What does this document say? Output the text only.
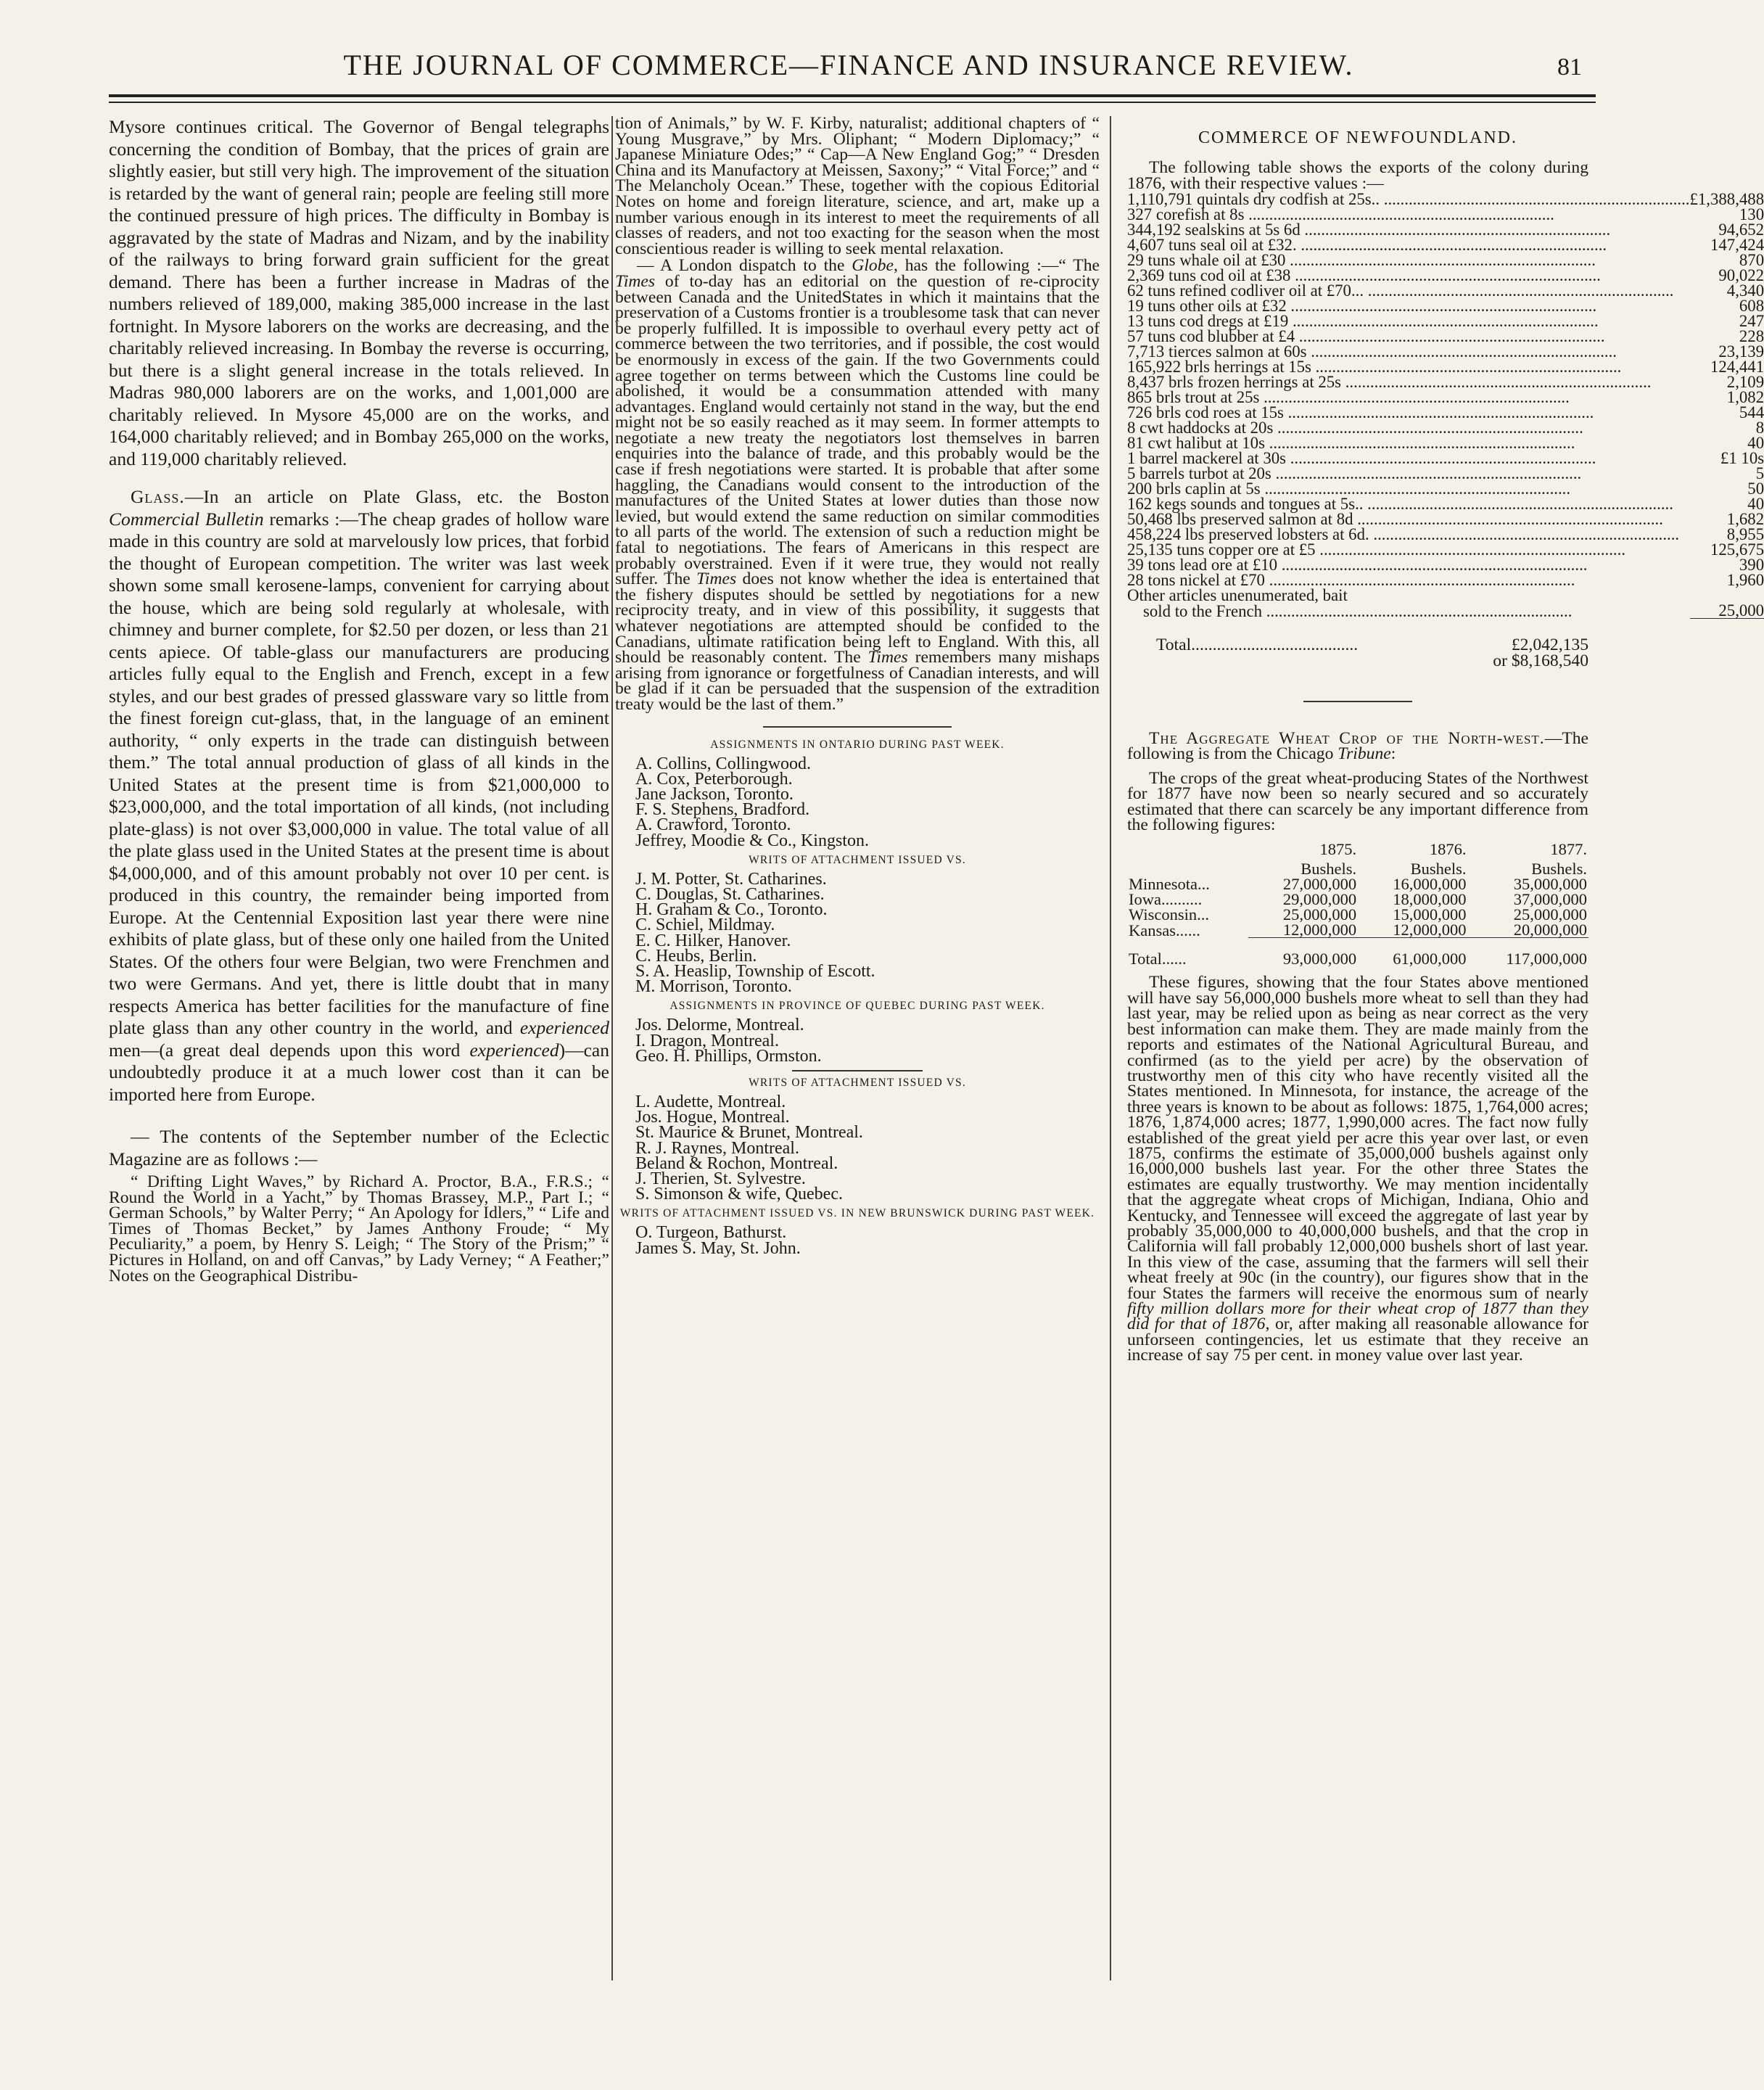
THE JOURNAL OF COMMERCE—FINANCE AND INSURANCE REVIEW.	81

Mysore continues critical. The Governor of Bengal telegraphs concerning the condition of Bombay, that the prices of grain are slightly easier, but still very high. The improvement of the situation is retarded by the want of general rain; people are feeling still more the continued pressure of high prices. The difficulty in Bombay is aggravated by the state of Madras and Nizam, and by the inability of the railways to bring forward grain sufficient for the great demand. There has been a further increase in Madras of the numbers relieved of 189,000, making 385,000 increase in the last fortnight. In Mysore laborers on the works are decreasing, and the charitably relieved increasing. In Bombay the reverse is occurring, but there is a slight general increase in the totals relieved. In Madras 980,000 laborers are on the works, and 1,001,000 are charitably relieved. In Mysore 45,000 are on the works, and 164,000 charitably relieved; and in Bombay 265,000 on the works, and 119,000 charitably relieved.

Glass.—In an article on Plate Glass, etc. the Boston Commercial Bulletin remarks :—The cheap grades of hollow ware made in this country are sold at marvelously low prices, that forbid the thought of European competition. The writer was last week shown some small kerosene-lamps, convenient for carrying about the house, which are being sold regularly at wholesale, with chimney and burner complete, for $2.50 per dozen, or less than 21 cents apiece. Of table-glass our manufacturers are producing articles fully equal to the English and French, except in a few styles, and our best grades of pressed glassware vary so little from the finest foreign cut-glass, that, in the language of an eminent authority, “ only experts in the trade can distinguish between them.” The total annual production of glass of all kinds in the United States at the present time is from $21,000,000 to $23,000,000, and the total importation of all kinds, (not including plate-glass) is not over $3,000,000 in value. The total value of all the plate glass used in the United States at the present time is about $4,000,000, and of this amount probably not over 10 per cent. is produced in this country, the remainder being imported from Europe. At the Centennial Exposition last year there were nine exhibits of plate glass, but of these only one hailed from the United States. Of the others four were Belgian, two were Frenchmen and two were Germans. And yet, there is little doubt that in many respects America has better facilities for the manufacture of fine plate glass than any other country in the world, and experienced men—(a great deal depends upon this word experienced)—can undoubtedly produce it at a much lower cost than it can be imported here from Europe.

— The contents of the September number of the Eclectic Magazine are as follows :—

“ Drifting Light Waves,” by Richard A. Proctor, B.A., F.R.S.; “ Round the World in a Yacht,” by Thomas Brassey, M.P., Part I.; “ German Schools,” by Walter Perry; “ An Apology for Idlers,” “ Life and Times of Thomas Becket,” by James Anthony Froude; “ My Peculiarity,” a poem, by Henry S. Leigh; “ The Story of the Prism;” “ Pictures in Holland, on and off Canvas,” by Lady Verney; “ A Feather;” Notes on the Geographical Distribu-

tion of Animals,” by W. F. Kirby, naturalist; additional chapters of “ Young Musgrave,” by Mrs. Oliphant; “ Modern Diplomacy;” “ Japanese Miniature Odes;” “ Cap—A New England Gog;” “ Dresden China and its Manufactory at Meissen, Saxony;” “ Vital Force;” and “ The Melancholy Ocean.” These, together with the copious Editorial Notes on home and foreign literature, science, and art, make up a number various enough in its interest to meet the requirements of all classes of readers, and not too exacting for the season when the most conscientious reader is willing to seek mental relaxation.

— A London dispatch to the Globe, has the following :—“ The Times of to-day has an editorial on the question of re-ciprocity between Canada and the UnitedStates in which it maintains that the preservation of a Customs frontier is a troublesome task that can never be properly fulfilled. It is impossible to overhaul every petty act of commerce between the two territories, and if possible, the cost would be enormously in excess of the gain. If the two Governments could agree together on terms between which the Customs line could be abolished, it would be a consummation attended with many advantages. England would certainly not stand in the way, but the end might not be so easily reached as it may seem. In former attempts to negotiate a new treaty the negotiators lost themselves in barren enquiries into the balance of trade, and this probably would be the case if fresh negotiations were started. It is probable that after some haggling, the Canadians would consent to the introduction of the manufactures of the United States at lower duties than those now levied, but would extend the same reduction on similar commodities to all parts of the world. The extension of such a reduction might be fatal to negotiations. The fears of Americans in this respect are probably overstrained. Even if it were true, they would not really suffer. The Times does not know whether the idea is entertained that the fishery disputes should be settled by negotiations for a new reciprocity treaty, and in view of this possibility, it suggests that whatever negotiations are attempted should be confided to the Canadians, ultimate ratification being left to England. With this, all should be reasonably content. The Times remembers many mishaps arising from ignorance or forgetfulness of Canadian interests, and will be glad if it can be persuaded that the suspension of the extradition treaty would be the last of them.”

ASSIGNMENTS IN ONTARIO DURING PAST WEEK.
A. Collins, Collingwood.
A. Cox, Peterborough.
Jane Jackson, Toronto.
F. S. Stephens, Bradford.
A. Crawford, Toronto.
Jeffrey, Moodie & Co., Kingston.
WRITS OF ATTACHMENT ISSUED VS.
J. M. Potter, St. Catharines.
C. Douglas, St. Catharines.
H. Graham & Co., Toronto.
C. Schiel, Mildmay.
E. C. Hilker, Hanover.
C. Heubs, Berlin.
S. A. Heaslip, Township of Escott.
M. Morrison, Toronto.
ASSIGNMENTS IN PROVINCE OF QUEBEC DURING PAST WEEK.
Jos. Delorme, Montreal.
I. Dragon, Montreal.
Geo. H. Phillips, Ormston.
WRITS OF ATTACHMENT ISSUED VS.
L. Audette, Montreal.
Jos. Hogue, Montreal.
St. Maurice & Brunet, Montreal.
R. J. Raynes, Montreal.
Beland & Rochon, Montreal.
J. Therien, St. Sylvestre.
S. Simonson & wife, Quebec.
WRITS OF ATTACHMENT ISSUED VS. IN NEW BRUNSWICK DURING PAST WEEK.
O. Turgeon, Bathurst.
James S. May, St. John.
COMMERCE OF NEWFOUNDLAND.

The following table shows the exports of the colony during 1876, with their respective values :—

1,110,791 quintals dry codfish at 25s.. .....	£1,388,488
327 corefish at 8s .....	130
344,192 sealskins at 5s 6d .....	94,652
4,607 tuns seal oil at £32. .....	147,424
29 tuns whale oil at £30 .....	870
2,369 tuns cod oil at £38 .....	90,022
62 tuns refined codliver oil at £70... .....	4,340
19 tuns other oils at £32 .....	608
13 tuns cod dregs at £19 .....	247
57 tuns cod blubber at £4 .....	228
7,713 tierces salmon at 60s .....	23,139
165,922 brls herrings at 15s .....	124,441
8,437 brls frozen herrings at 25s .....	2,109
865 brls trout at 25s .....	1,082
726 brls cod roes at 15s .....	544
8 cwt haddocks at 20s .....	8
81 cwt halibut at 10s .....	40
1 barrel mackerel at 30s .....	£1 10s
5 barrels turbot at 20s .....	5
200 brls caplin at 5s .....	50
162 kegs sounds and tongues at 5s.. .....	40
50,468 lbs preserved salmon at 8d .....	1,682
458,224 lbs preserved lobsters at 6d. .....	8,955
25,135 tuns copper ore at £5 .....	125,675
39 tons lead ore at £10 .....	390
28 tons nickel at £70 .....	1,960
Other articles unenumerated, bait	
sold to the French .....	25,000
Total.......................................	£2,042,135
or $8,168,540

The Aggregate Wheat Crop of the North-west.—The following is from the Chicago Tribune:

The crops of the great wheat-producing States of the Northwest for 1877 have now been so nearly secured and so accurately estimated that there can scarcely be any important difference from the following figures:

	1875.	1876.	1877.
	Bushels.	Bushels.	Bushels.
Minnesota...	27,000,000	16,000,000	35,000,000
Iowa..........	29,000,000	18,000,000	37,000,000
Wisconsin...	25,000,000	15,000,000	25,000,000
Kansas......	12,000,000	12,000,000	20,000,000
Total......	93,000,000	61,000,000	117,000,000

These figures, showing that the four States above mentioned will have say 56,000,000 bushels more wheat to sell than they had last year, may be relied upon as being as near correct as the very best information can make them. They are made mainly from the reports and estimates of the National Agricultural Bureau, and confirmed (as to the yield per acre) by the observation of trustworthy men of this city who have recently visited all the States mentioned. In Minnesota, for instance, the acreage of the three years is known to be about as follows: 1875, 1,764,000 acres; 1876, 1,874,000 acres; 1877, 1,990,000 acres. The fact now fully established of the great yield per acre this year over last, or even 1875, confirms the estimate of 35,000,000 bushels against only 16,000,000 bushels last year. For the other three States the estimates are equally trustworthy. We may mention incidentally that the aggregate wheat crops of Michigan, Indiana, Ohio and Kentucky, and Tennessee will exceed the aggregate of last year by probably 35,000,000 to 40,000,000 bushels, and that the crop in California will fall probably 12,000,000 bushels short of last year. In this view of the case, assuming that the farmers will sell their wheat freely at 90c (in the country), our figures show that in the four States the farmers will receive the enormous sum of nearly fifty million dollars more for their wheat crop of 1877 than they did for that of 1876, or, after making all reasonable allowance for unforseen contingencies, let us estimate that they receive an increase of say 75 per cent. in money value over last year.
